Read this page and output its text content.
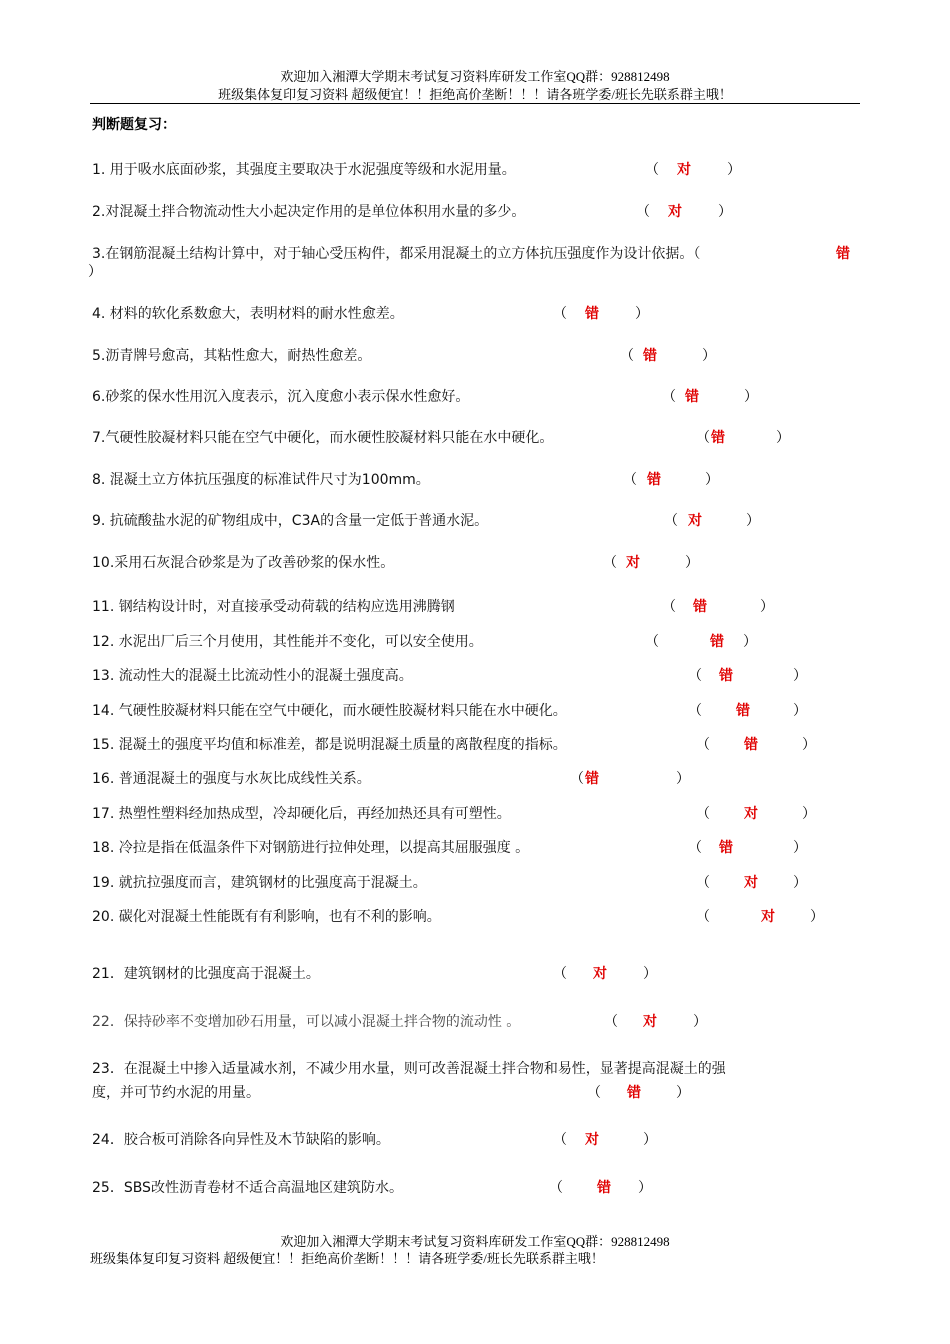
欢迎加入湘潭大学期末考试复习资料库研发工作室QQ群：928812498
班级集体复印复习资料 超级便宜！！拒绝高价垄断！！！请各班学委/班长先联系群主哦！
判断题复习：
1. 用于吸水底面砂浆，其强度主要取决于水泥强度等级和水泥用量。	（ 对	）
2.对混凝土拌合物流动性大小起决定作用的是单位体积用水量的多少。	（ 对	）
3.在钢筋混凝土结构计算中，对于轴心受压构件，都采用混凝土的立方体抗压强度作为设计依据。（	错
）
4. 材料的软化系数愈大，表明材料的耐水性愈差。	（ 错	）
5.沥青牌号愈高，其粘性愈大，耐热性愈差。	（ 错	）
6.砂浆的保水性用沉入度表示，沉入度愈小表示保水性愈好。	（ 错	）
7.气硬性胶凝材料只能在空气中硬化，而水硬性胶凝材料只能在水中硬化。	（ 错	）
8. 混凝土立方体抗压强度的标准试件尺寸为100mm。	（ 错	）
9. 抗硫酸盐水泥的矿物组成中，C3A的含量一定低于普通水泥。	（ 对	）
10.采用石灰混合砂浆是为了改善砂浆的保水性。	（ 对	）
11. 钢结构设计时，对直接承受动荷载的结构应选用沸腾钢	（ 错	）
12. 水泥出厂后三个月使用，其性能并不变化，可以安全使用。	（	错 ）
13. 流动性大的混凝土比流动性小的混凝土强度高。	（ 错	）
14. 气硬性胶凝材料只能在空气中硬化，而水硬性胶凝材料只能在水中硬化。	（ 错	）
15. 混凝土的强度平均值和标准差，都是说明混凝土质量的离散程度的指标。	（ 错	）
16. 普通混凝土的强度与水灰比成线性关系。	（ 错	）
17. 热塑性塑料经加热成型，冷却硬化后，再经加热还具有可塑性。	（ 对	）
18. 冷拉是指在低温条件下对钢筋进行拉伸处理，以提高其屈服强度 。	（ 错	）
19. 就抗拉强度而言，建筑钢材的比强度高于混凝土。	（ 对	）
20. 碳化对混凝土性能既有有利影响，也有不利的影响。	（	对	）
21．建筑钢材的比强度高于混凝土。	（ 对	）
22．保持砂率不变增加砂石用量，可以减小混凝土拌合物的流动性 。	（ 对	）
23．在混凝土中掺入适量减水剂，不减少用水量，则可改善混凝土拌合物和易性，显著提高混凝土的强
度，并可节约水泥的用量。	（ 错	）
24．胶合板可消除各向异性及木节缺陷的影响。	（ 对	）
25．SBS改性沥青卷材不适合高温地区建筑防水。	（ 错 ）
欢迎加入湘潭大学期末考试复习资料库研发工作室QQ群：928812498
班级集体复印复习资料 超级便宜！！拒绝高价垄断！！！请各班学委/班长先联系群主哦！
